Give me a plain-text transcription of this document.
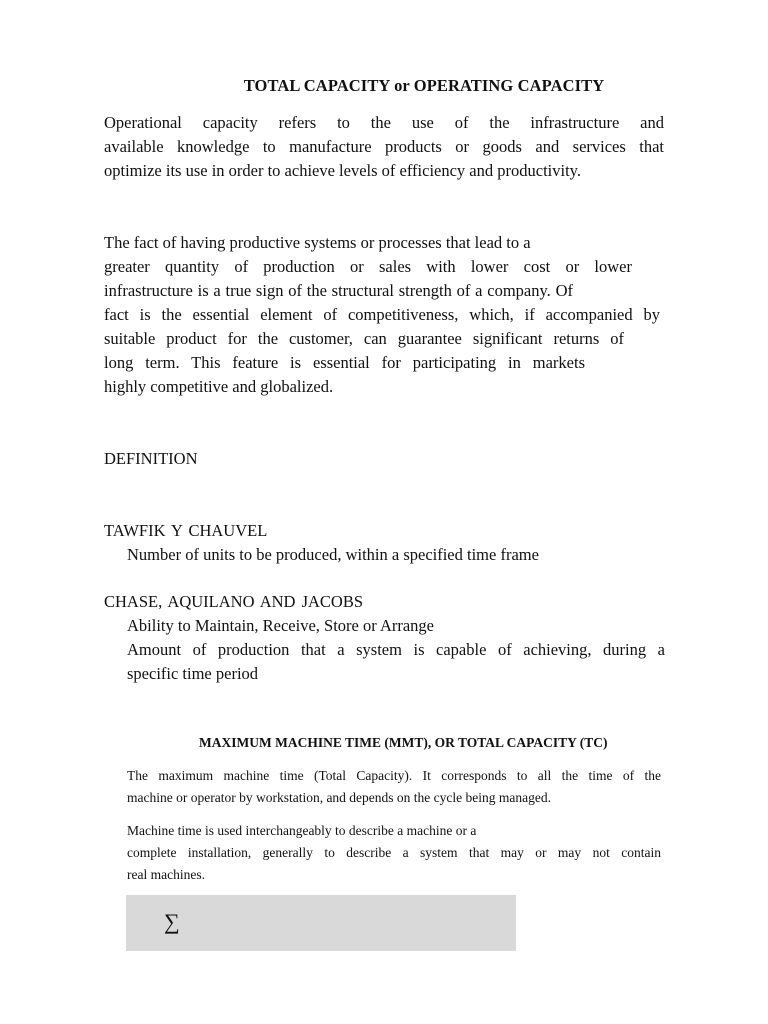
TOTAL CAPACITY or OPERATING CAPACITY
Operational capacity refers to the use of the infrastructure and
available knowledge to manufacture products or goods and services that
optimize its use in order to achieve levels of efficiency and productivity.
The fact of having productive systems or processes that lead to a
greater quantity of production or sales with lower cost or lower
infrastructure is a true sign of the structural strength of a company. Of
fact is the essential element of competitiveness, which, if accompanied by
suitable product for the customer, can guarantee significant returns of
long term. This feature is essential for participating in markets
highly competitive and globalized.

DEFINITION

TAWFIK Y CHAUVEL

Number of units to be produced, within a specified time frame

CHASE, AQUILANO AND JACOBS

Ability to Maintain, Receive, Store or Arrange

Amount of production that a system is capable of achieving, during a
specific time period

MAXIMUM MACHINE TIME (MMT), OR TOTAL CAPACITY (TC)

The maximum machine time (Total Capacity). It corresponds to all the time of the
machine or operator by workstation, and depends on the cycle being managed.
Machine time is used interchangeably to describe a machine or a
complete installation, generally to describe a system that may or may not contain
real machines.
∑
